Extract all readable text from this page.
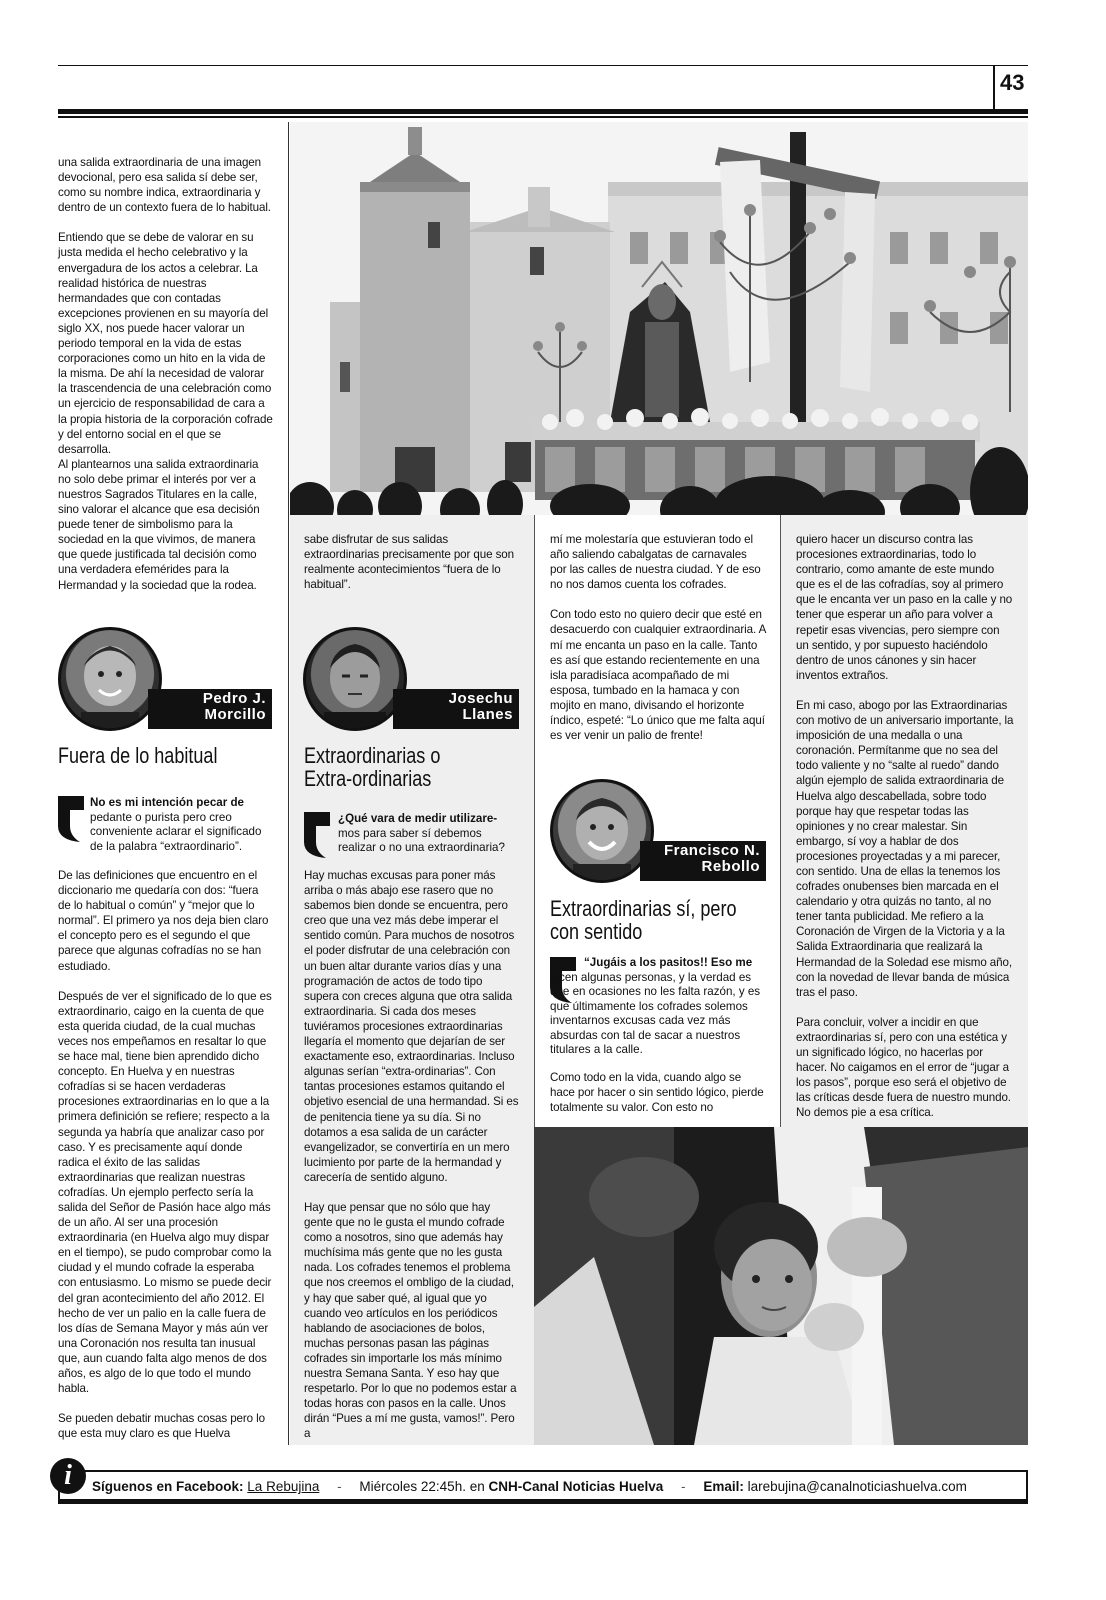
43

una salida extraordinaria de una imagen devocional, pero esa salida sí debe ser, como su nombre indica, extraordinaria y dentro de un contexto fuera de lo habitual.

Entiendo que se debe de valorar en su justa medida el hecho celebrativo y la envergadura de los actos a celebrar. La realidad histórica de nuestras hermandades que con contadas excepciones provienen en su mayoría del siglo XX, nos puede hacer valorar un periodo temporal en la vida de estas corporaciones como un hito en la vida de la misma. De ahí la necesidad de valorar la trascendencia de una celebración como un ejercicio de responsabilidad de cara a la propia historia de la corporación cofrade y del entorno social en el que se desarrolla.
Al plantearnos una salida extraordinaria no solo debe primar el interés por ver a nuestros Sagrados Titulares en la calle, sino valorar el alcance que esa decisión puede tener de simbolismo para la sociedad en la que vivimos, de manera que quede justificada tal decisión como una verdadera efemérides para la Hermandad y la sociedad que la rodea.

Pedro J.
Morcillo
Fuera de lo habitual
No es mi intención pecar de pedante o purista pero creo conveniente aclarar el significado de la palabra “extraordinario”.

De las definiciones que encuentro en el diccionario me quedaría con dos: “fuera de lo habitual o común” y “mejor que lo normal”. El primero ya nos deja bien claro el concepto pero es el segundo el que parece que algunas cofradías no se han estudiado.

Después de ver el significado de lo que es extraordinario, caigo en la cuenta de que esta querida ciudad, de la cual muchas veces nos empeñamos en resaltar lo que se hace mal, tiene bien aprendido dicho concepto. En Huelva y en nuestras cofradías si se hacen verdaderas procesiones extraordinarias en lo que a la primera definición se refiere; respecto a la segunda ya habría que analizar caso por caso. Y es precisamente aquí donde radica el éxito de las salidas extraordinarias que realizan nuestras cofradías. Un ejemplo perfecto sería la salida del Señor de Pasión hace algo más de un año. Al ser una procesión extraordinaria (en Huelva algo muy dispar en el tiempo), se pudo comprobar como la ciudad y el mundo cofrade la esperaba con entusiasmo. Lo mismo se puede decir del gran acontecimiento del año 2012. El hecho de ver un palio en la calle fuera de los días de Semana Mayor y más aún ver una Coronación nos resulta tan inusual que, aun cuando falta algo menos de dos años, es algo de lo que todo el mundo habla.

Se pueden debatir muchas cosas pero lo que esta muy claro es que Huelva

sabe disfrutar de sus salidas extraordinarias precisamente por que son realmente acontecimientos “fuera de lo habitual”.

Josechu
Llanes
Extraordinarias o
Extra-ordinarias
¿Qué vara de medir utilizare- mos para saber sí debemos realizar o no una extraordinaria?

Hay muchas excusas para poner más arriba o más abajo ese rasero que no sabemos bien donde se encuentra, pero creo que una vez más debe imperar el sentido común. Para muchos de nosotros el poder disfrutar de una celebración con un buen altar durante varios días y una programación de actos de todo tipo supera con creces alguna que otra salida extraordinaria. Si cada dos meses tuviéramos procesiones extraordinarias llegaría el momento que dejarían de ser exactamente eso, extraordinarias. Incluso algunas serían “extra-ordinarias”. Con tantas procesiones estamos quitando el objetivo esencial de una hermandad. Si es de penitencia tiene ya su día. Si no dotamos a esa salida de un carácter evangelizador, se convertiría en un mero lucimiento por parte de la hermandad y carecería de sentido alguno.

Hay que pensar que no sólo que hay gente que no le gusta el mundo cofrade como a nosotros, sino que además hay muchísima más gente que no les gusta nada. Los cofrades tenemos el problema que nos creemos el ombligo de la ciudad, y hay que saber qué, al igual que yo cuando veo artículos en los periódicos hablando de asociaciones de bolos, muchas personas pasan las páginas cofrades sin importarle los más mínimo nuestra Semana Santa. Y eso hay que respetarlo. Por lo que no podemos estar a todas horas con pasos en la calle. Unos dirán “Pues a mí me gusta, vamos!”. Pero a

mí me molestaría que estuvieran todo el año saliendo cabalgatas de carnavales por las calles de nuestra ciudad. Y de eso no nos damos cuenta los cofrades.

Con todo esto no quiero decir que esté en desacuerdo con cualquier extraordinaria. A mí me encanta un paso en la calle. Tanto es así que estando recientemente en una isla paradisíaca acompañado de mi esposa, tumbado en la hamaca y con mojito en mano, divisando el horizonte índico, espeté: “Lo único que me falta aquí es ver venir un palio de frente!

Francisco N.
Rebollo
Extraordinarias sí, pero
con sentido
“Jugáis a los pasitos!! Eso me dicen algunas personas, y la verdad es que en ocasiones no les falta razón, y es que últimamente los cofrades solemos inventarnos excusas cada vez más absurdas con tal de sacar a nuestros titulares a la calle.

Como todo en la vida, cuando algo se hace por hacer o sin sentido lógico, pierde totalmente su valor. Con esto no

quiero hacer un discurso contra las procesiones extraordinarias, todo lo contrario, como amante de este mundo que es el de las cofradías, soy al primero que le encanta ver un paso en la calle y no tener que esperar un año para volver a repetir esas vivencias, pero siempre con un sentido, y por supuesto haciéndolo dentro de unos cánones y sin hacer inventos extraños.

En mi caso, abogo por las Extraordinarias con motivo de un aniversario importante, la imposición de una medalla o una coronación. Permítanme que no sea del todo valiente y no “salte al ruedo” dando algún ejemplo de salida extraordinaria de Huelva algo descabellada, sobre todo porque hay que respetar todas las opiniones y no crear malestar. Sin embargo, sí voy a hablar de dos procesiones proyectadas y a mi parecer, con sentido. Una de ellas la tenemos los cofrades onubenses bien marcada en el calendario y otra quizás no tanto, al no tener tanta publicidad. Me refiero a la Coronación de Virgen de la Victoria y a la Salida Extraordinaria que realizará la Hermandad de la Soledad ese mismo año, con la novedad de llevar banda de música tras el paso.

Para concluir, volver a incidir en que extraordinarias sí, pero con una estética y un significado lógico, no hacerlas por hacer. No caigamos en el error de “jugar a los pasos”, porque eso será el objetivo de las críticas desde fuera de nuestro mundo. No demos pie a esa crítica.

i	Síguenos en Facebook: La Rebujina - Miércoles 22:45h. en CNH-Canal Noticias Huelva - Email: larebujina@canalnoticiashuelva.com
